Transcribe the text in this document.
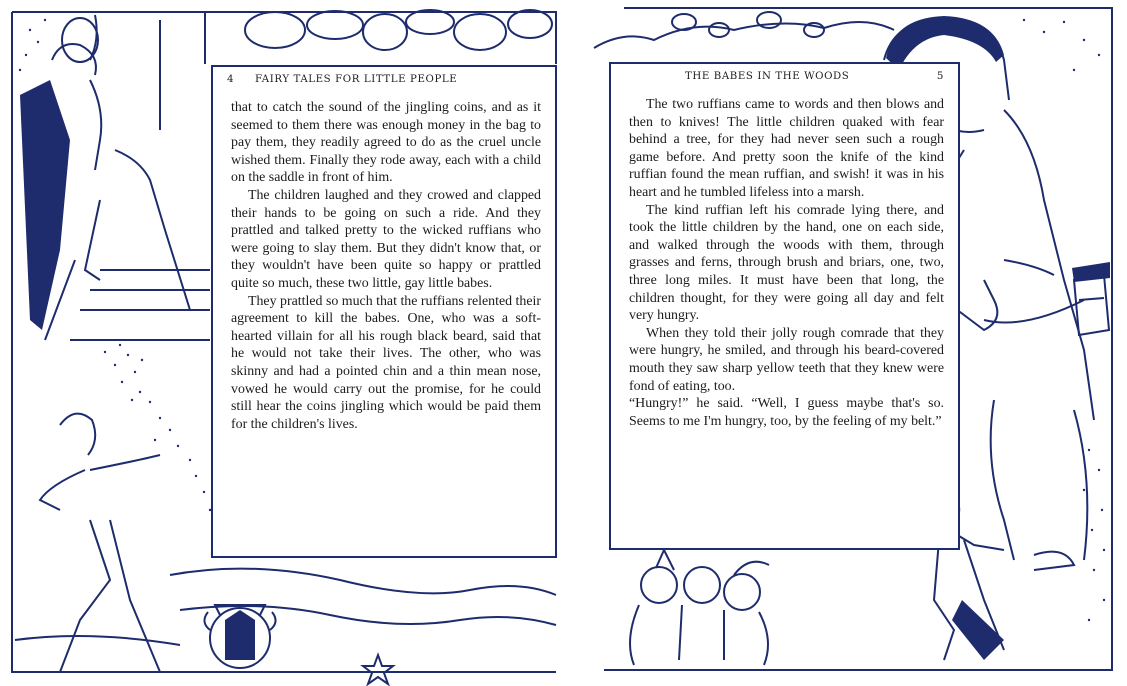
4 FAIRY TALES FOR LITTLE PEOPLE

that to catch the sound of the jingling coins, and as it seemed to them there was enough money in the bag to pay them, they readily agreed to do as the cruel uncle wished them. Finally they rode away, each with a child on the saddle in front of him.

The children laughed and they crowed and clapped their hands to be going on such a ride. And they prattled and talked pretty to the wicked ruffians who were going to slay them. But they didn't know that, or they wouldn't have been quite so happy or prattled quite so much, these two little, gay little babes.

They prattled so much that the ruffians relented their agreement to kill the babes. One, who was a soft-hearted villain for all his rough black beard, said that he would not take their lives. The other, who was skinny and had a pointed chin and a thin mean nose, vowed he would carry out the promise, for he could still hear the coins jingling which would be paid them for the children's lives.

THE BABES IN THE WOODS	5

The two ruffians came to words and then blows and then to knives! The little children quaked with fear behind a tree, for they had never seen such a rough game before. And pretty soon the knife of the kind ruffian found the mean ruffian, and swish! it was in his heart and he tumbled lifeless into a marsh.

The kind ruffian left his comrade lying there, and took the little children by the hand, one on each side, and walked through the woods with them, through grasses and ferns, through brush and briars, one, two, three long miles. It must have been that long, the children thought, for they were going all day and felt very hungry.

When they told their jolly rough comrade that they were hungry, he smiled, and through his beard-covered mouth they saw sharp yellow teeth that they knew were fond of eating, too.

“Hungry!” he said. “Well, I guess maybe that's so. Seems to me I'm hungry, too, by the feeling of my belt.”
